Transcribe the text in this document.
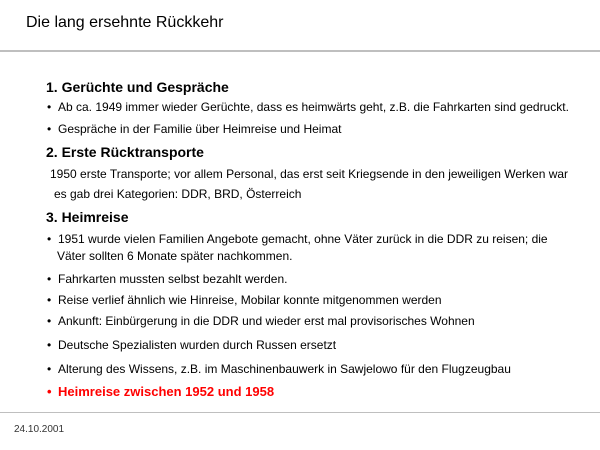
Die lang ersehnte Rückkehr
1. Gerüchte und Gespräche
• Ab ca. 1949 immer wieder Gerüchte, dass es heimwärts geht, z.B. die Fahrkarten sind gedruckt.
• Gespräche in der Familie über Heimreise und Heimat
2. Erste Rücktransporte
1950 erste Transporte; vor allem Personal, das erst seit Kriegsende in den jeweiligen Werken war
es gab drei Kategorien: DDR, BRD, Österreich
3. Heimreise
• 1951 wurde vielen Familien Angebote gemacht, ohne Väter zurück in die DDR zu reisen; die
Väter sollten 6 Monate später nachkommen.
• Fahrkarten mussten selbst bezahlt werden.
• Reise verlief ähnlich wie Hinreise, Mobilar konnte mitgenommen werden
• Ankunft: Einbürgerung in die DDR und wieder erst mal provisorisches Wohnen
• Deutsche Spezialisten wurden durch Russen ersetzt
• Alterung des Wissens, z.B. im Maschinenbauwerk in Sawjelowo für den Flugzeugbau
• Heimreise zwischen 1952 und 1958
24.10.2001
